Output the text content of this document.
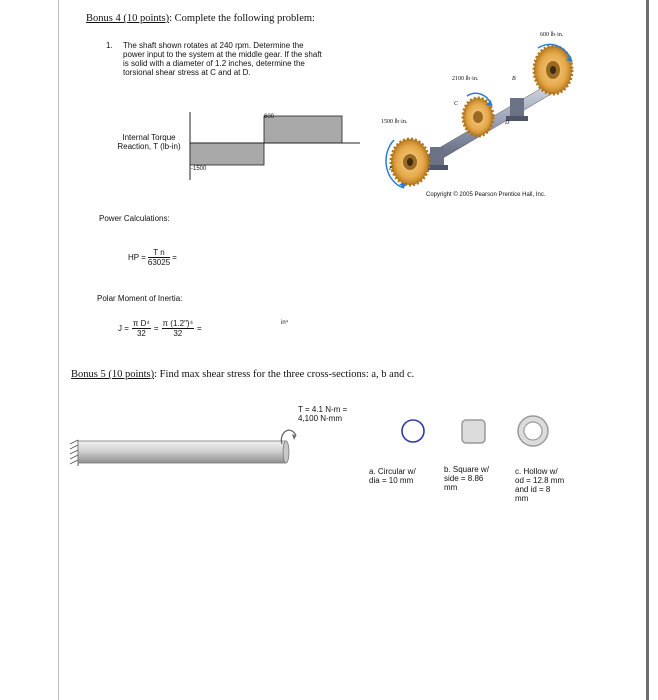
Bonus 4 (10 points): Complete the following problem:
1. The shaft shown rotates at 240 rpm. Determine the
power input to the system at the middle gear. If the shaft
is solid with a diameter of 1.2 inches, determine the
torsional shear stress at C and at D.
Internal Torque
Reaction, T (lb-in)
600
-1500
1500 lb·in.
2100 lb·in.
600 lb·in.
C
D
B
E
Copyright © 2005 Pearson Prentice Hall, Inc.
Power Calculations:
HP = $\frac{\text{T n}}{63025}$ =
Polar Moment of Inertia:
$J = \frac{\text{π D⁴}}{32} = \frac{\text{π (1.2")⁴}}{32}$ =
in⁴
Bonus 5 (10 points): Find max shear stress for the three cross-sections: a, b and c.
T = 4.1 N-m =
4,100 N-mm
a. Circular w/
dia = 10 mm
b. Square w/
side = 8.86
mm
c. Hollow w/
od = 12.8 mm
and id = 8
mm
